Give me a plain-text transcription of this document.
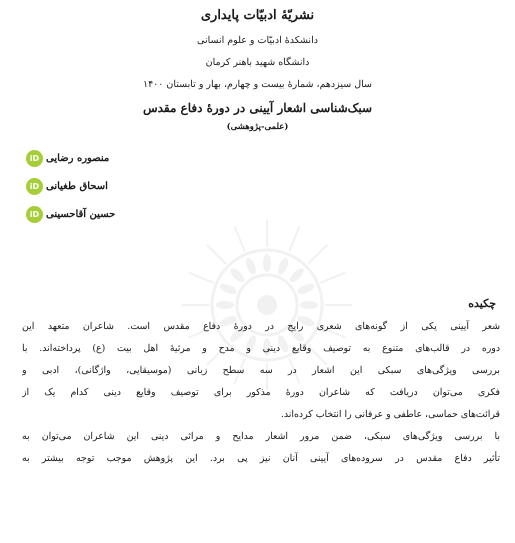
نشریّهٔ ادبیّات پایداری
دانشکدهٔ ادبیّات و علوم انسانی
دانشگاه شهید باهنر کرمان
سال سیزدهم، شمارهٔ بیست و چهارم، بهار و تابستان ۱۴۰۰
سبک‌شناسی اشعار آیینی در دورهٔ دفاع مقدس
(علمی-پژوهشی)
iD منصوره رضایی
iD اسحاق طغیانی
iD حسین آقاحسینی
چکیده
شعر آیینی یکی از گونه‌های شعری رایج در دورهٔ دفاع مقدس است. شاعران متعهد این
دوره در قالب‌های متنوع به توصیف وقایع دینی و مدح و مرثیهٔ اهل بیت (ع) پرداخته‌اند. با
بررسی ویژگی‌های سبکی این اشعار در سه سطح زبانی (موسیقایی، واژگانی)، ادبی و
فکری می‌توان دریافت که شاعران دورهٔ مذکور برای توصیف وقایع دینی کدام یک از
قرائت‌های حماسی، عاطفی و عرفانی را انتخاب کرده‌اند.
با بررسی ویژگی‌های سبکی، ضمن مرور اشعار مدایح و مراثی دینی این شاعران می‌توان به
تأثیر دفاع مقدس در سروده‌های آیینی آنان نیز پی برد. این پژوهش موجب توجه بیشتر به
